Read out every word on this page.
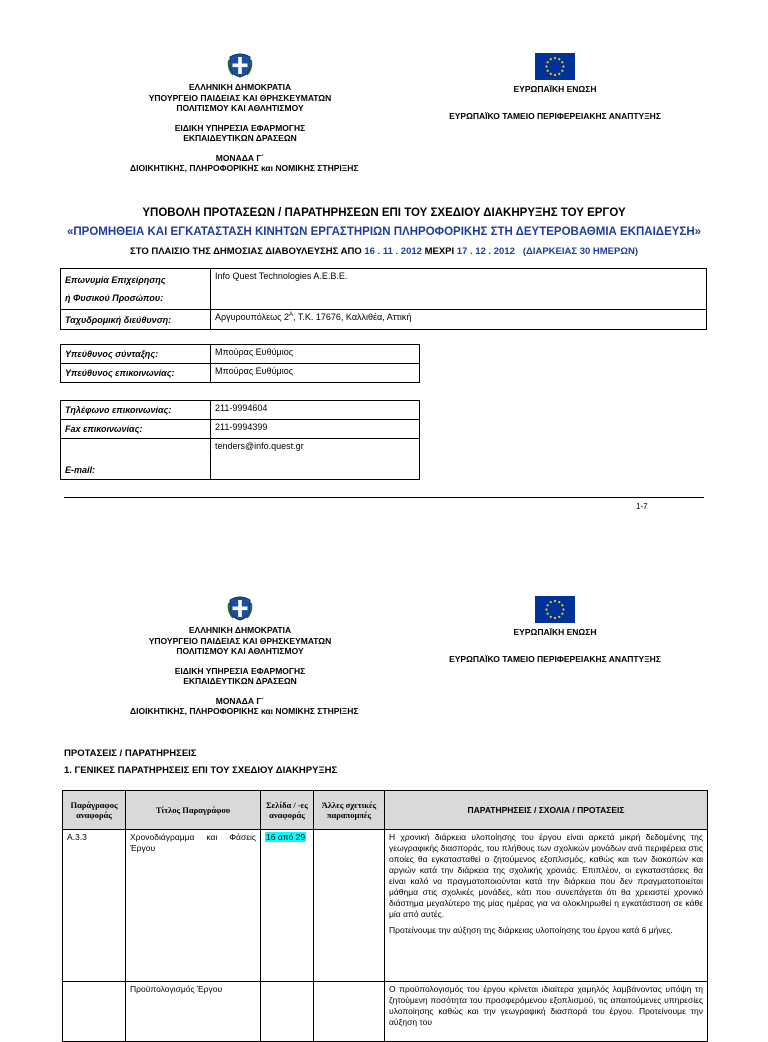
ΕΛΛΗΝΙΚΗ ΔΗΜΟΚΡΑΤΙΑ
ΥΠΟΥΡΓΕΙΟ ΠΑΙΔΕΙΑΣ ΚΑΙ ΘΡΗΣΚΕΥΜΑΤΩΝ
ΠΟΛΙΤΙΣΜΟΥ ΚΑΙ ΑΘΛΗΤΙΣΜΟΥ
ΕΙΔΙΚΗ ΥΠΗΡΕΣΙΑ ΕΦΑΡΜΟΓΗΣ
ΕΚΠΑΙΔΕΥΤΙΚΩΝ ΔΡΑΣΕΩΝ
ΜΟΝΑΔΑ Γ΄
ΔΙΟΙΚΗΤΙΚΗΣ, ΠΛΗΡΟΦΟΡΙΚΗΣ και ΝΟΜΙΚΗΣ ΣΤΗΡΙΞΗΣ
ΕΥΡΩΠΑΪΚΗ ΕΝΩΣΗ
ΕΥΡΩΠΑΪΚΟ ΤΑΜΕΙΟ ΠΕΡΙΦΕΡΕΙΑΚΗΣ ΑΝΑΠΤΥΞΗΣ
ΥΠΟΒΟΛΗ ΠΡΟΤΑΣΕΩΝ / ΠΑΡΑΤΗΡΗΣΕΩΝ ΕΠΙ ΤΟΥ ΣΧΕΔΙΟΥ ΔΙΑΚΗΡΥΞΗΣ ΤΟΥ ΕΡΓΟΥ
«ΠΡΟΜΗΘΕΙΑ ΚΑΙ ΕΓΚΑΤΑΣΤΑΣΗ ΚΙΝΗΤΩΝ ΕΡΓΑΣΤΗΡΙΩΝ ΠΛΗΡΟΦΟΡΙΚΗΣ ΣΤΗ ΔΕΥΤΕΡΟΒΑΘΜΙΑ ΕΚΠΑΙΔΕΥΣΗ»
ΣΤΟ ΠΛΑΙΣΙΟ ΤΗΣ ΔΗΜΟΣΙΑΣ ΔΙΑΒΟΥΛΕΥΣΗΣ ΑΠΟ 16 . 11 . 2012 ΜΕΧΡΙ 17 . 12 . 2012 (ΔΙΑΡΚΕΙΑΣ 30 ΗΜΕΡΩΝ)
Επωνυμία Επιχείρησης
ή Φυσικού Προσώπου:	Info Quest Technologies A.E.B.E.
Ταχυδρομική διεύθυνση:	Αργυρουπόλεως $2^A$, Τ.Κ. 17676, Καλλιθέα, Αττική
Υπεύθυνος σύνταξης:	Μπούρας Ευθύμιος
Υπεύθυνος επικοινωνίας:	Μπούρας Ευθύμιος
Τηλέφωνο επικοινωνίας:	211-9994604
Fax επικοινωνίας:	211-9994399
E-mail:	tenders@info.quest.gr
1-7
ΕΛΛΗΝΙΚΗ ΔΗΜΟΚΡΑΤΙΑ
ΥΠΟΥΡΓΕΙΟ ΠΑΙΔΕΙΑΣ ΚΑΙ ΘΡΗΣΚΕΥΜΑΤΩΝ
ΠΟΛΙΤΙΣΜΟΥ ΚΑΙ ΑΘΛΗΤΙΣΜΟΥ
ΕΙΔΙΚΗ ΥΠΗΡΕΣΙΑ ΕΦΑΡΜΟΓΗΣ
ΕΚΠΑΙΔΕΥΤΙΚΩΝ ΔΡΑΣΕΩΝ
ΜΟΝΑΔΑ Γ΄
ΔΙΟΙΚΗΤΙΚΗΣ, ΠΛΗΡΟΦΟΡΙΚΗΣ και ΝΟΜΙΚΗΣ ΣΤΗΡΙΞΗΣ
ΕΥΡΩΠΑΪΚΗ ΕΝΩΣΗ
ΕΥΡΩΠΑΪΚΟ ΤΑΜΕΙΟ ΠΕΡΙΦΕΡΕΙΑΚΗΣ ΑΝΑΠΤΥΞΗΣ
ΠΡΟΤΑΣΕΙΣ / ΠΑΡΑΤΗΡΗΣΕΙΣ
1. ΓΕΝΙΚΕΣ ΠΑΡΑΤΗΡΗΣΕΙΣ ΕΠΙ ΤΟΥ ΣΧΕΔΙΟΥ ΔΙΑΚΗΡΥΞΗΣ
Παράγραφος αναφοράς	Τίτλος Παραγράφου	Σελίδα / -ες αναφοράς	Άλλες σχετικές παραπομπές	ΠΑΡΑΤΗΡΗΣΕΙΣ / ΣΧΟΛΙΑ / ΠΡΟΤΑΣΕΙΣ
Α.3.3	Χρονοδιάγραμμα και Φάσεις Έργου	16 από 29		Η χρονική διάρκεια υλοποίησης του έργου είναι αρκετά μικρή δεδομένης της γεωγραφικής διασποράς, του πλήθους των σχολικών μονάδων ανά περιφέρεια στις οποίες θα εγκατασταθεί ο ζητούμενος εξοπλισμός, καθώς και των διακοπών και αργιών κατά την διάρκεια της σχολικής χρονιάς. Επιπλέον, οι εγκαταστάσεις θα είναι καλό να πραγματοποιούνται κατά την διάρκεια που δεν πραγματοποιείται μάθημα στις σχολικές μονάδες, κάτι που συνεπάγεται ότι θα χρειαστεί χρονικό διάστημα μεγαλύτερο της μίας ημέρας για να ολοκληρωθεί η εγκατάσταση σε κάθε μία από αυτές.

Προτείνουμε την αύξηση της διάρκειας υλοποίησης του έργου κατά 6 μήνες.

	Προϋπολογισμός Έργου			Ο προϋπολογισμός του έργου κρίνεται ιδιαίτερα χαμηλός λαμβάνοντας υπόψη τη ζητούμενη ποσότητα του προσφερόμενου εξοπλισμού, τις απαιτούμενες υπηρεσίες υλοποίησης καθώς και την γεωγραφική διασπορά του έργου. Προτείνουμε την αύξηση του
